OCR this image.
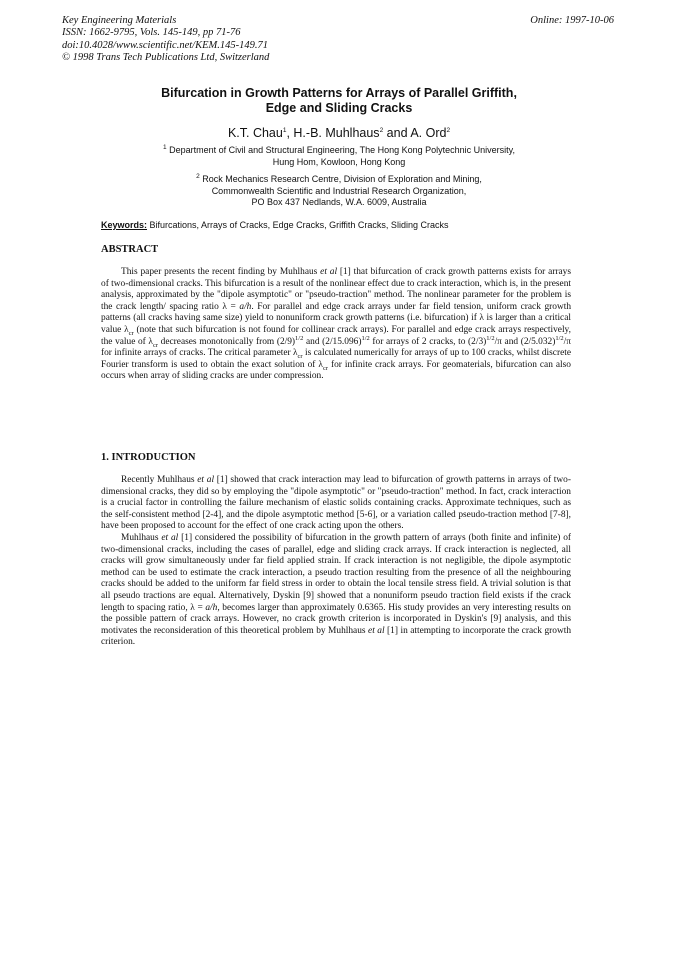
Key Engineering Materials
ISSN: 1662-9795, Vols. 145-149, pp 71-76
doi:10.4028/www.scientific.net/KEM.145-149.71
© 1998 Trans Tech Publications Ltd, Switzerland
Online: 1997-10-06
Bifurcation in Growth Patterns for Arrays of Parallel Griffith,
Edge and Sliding Cracks
K.T. Chau$^1$, H.-B. Muhlhaus$^2$ and A. Ord$^2$
$^1$ Department of Civil and Structural Engineering, The Hong Kong Polytechnic University,
Hung Hom, Kowloon, Hong Kong
$^2$ Rock Mechanics Research Centre, Division of Exploration and Mining,
Commonwealth Scientific and Industrial Research Organization,
PO Box 437 Nedlands, W.A. 6009, Australia
Keywords: Bifurcations, Arrays of Cracks, Edge Cracks, Griffith Cracks, Sliding Cracks
ABSTRACT

This paper presents the recent finding by Muhlhaus et al [1] that bifurcation of crack growth patterns exists for arrays of two-dimensional cracks. This bifurcation is a result of the nonlinear effect due to crack interaction, which is, in the present analysis, approximated by the "dipole asymptotic" or "pseudo-traction" method. The nonlinear parameter for the problem is the crack length/ spacing ratio λ = a/h. For parallel and edge crack arrays under far field tension, uniform crack growth patterns (all cracks having same size) yield to nonuniform crack growth patterns (i.e. bifurcation) if λ is larger than a critical value $\lambda_{cr}$ (note that such bifurcation is not found for collinear crack arrays). For parallel and edge crack arrays respectively, the value of $\lambda_{cr}$ decreases monotonically from $(2/9)^{1/2}$ and $(2/15.096)^{1/2}$ for arrays of 2 cracks, to $(2/3)^{1/2}/\pi$ and $(2/5.032)^{1/2}/\pi$ for infinite arrays of cracks. The critical parameter $\lambda_{cr}$ is calculated numerically for arrays of up to 100 cracks, whilst discrete Fourier transform is used to obtain the exact solution of $\lambda_{cr}$ for infinite crack arrays. For geomaterials, bifurcation can also occurs when array of sliding cracks are under compression.

1. INTRODUCTION

Recently Muhlhaus et al [1] showed that crack interaction may lead to bifurcation of growth patterns in arrays of two-dimensional cracks, they did so by employing the "dipole asymptotic" or "pseudo-traction" method. In fact, crack interaction is a crucial factor in controlling the failure mechanism of elastic solids containing cracks. Approximate techniques, such as the self-consistent method [2-4], and the dipole asymptotic method [5-6], or a variation called pseudo-traction method [7-8], have been proposed to account for the effect of one crack acting upon the others.

Muhlhaus et al [1] considered the possibility of bifurcation in the growth pattern of arrays (both finite and infinite) of two-dimensional cracks, including the cases of parallel, edge and sliding crack arrays. If crack interaction is neglected, all cracks will grow simultaneously under far field applied strain. If crack interaction is not negligible, the dipole asymptotic method can be used to estimate the crack interaction, a pseudo traction resulting from the presence of all the neighbouring cracks should be added to the uniform far field stress in order to obtain the local tensile stress field. A trivial solution is that all pseudo tractions are equal. Alternatively, Dyskin [9] showed that a nonuniform pseudo traction field exists if the crack length to spacing ratio, λ = a/h, becomes larger than approximately 0.6365. His study provides an very interesting results on the possible pattern of crack arrays. However, no crack growth criterion is incorporated in Dyskin's [9] analysis, and this motivates the reconsideration of this theoretical problem by Muhlhaus et al [1] in attempting to incorporate the crack growth criterion.
